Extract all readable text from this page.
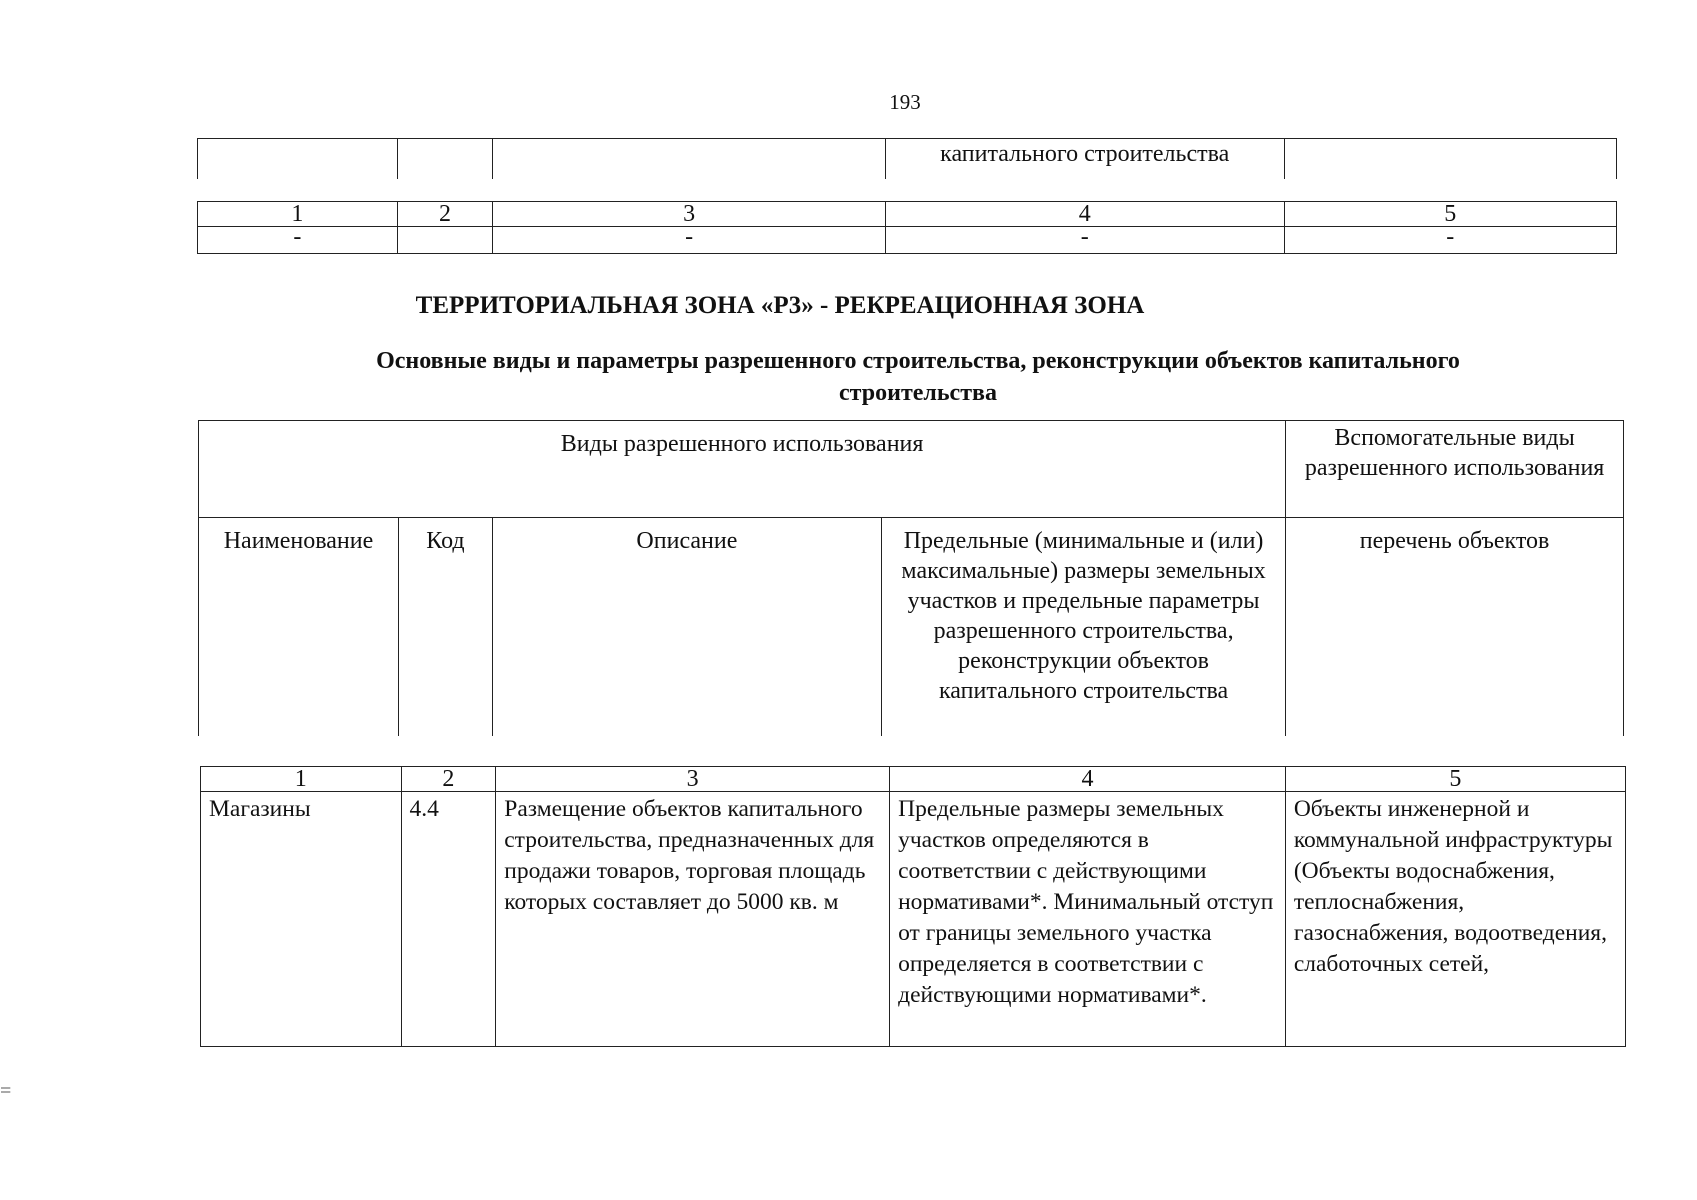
193
			капитального строительства	
1	2	3	4	5
-		-	-	-
ТЕРРИТОРИАЛЬНАЯ ЗОНА «Р3» - РЕКРЕАЦИОННАЯ ЗОНА
Основные виды и параметры разрешенного строительства, реконструкции объектов капитального строительства
Виды разрешенного использования				Вспомогательные виды разрешенного использования
Наименование	Код	Описание	Предельные (минимальные и (или) максимальные) размеры земельных участков и предельные параметры разрешенного строительства, реконструкции объектов капитального строительства	перечень объектов
1	2	3	4	5
Магазины	4.4	Размещение объектов капитального строительства, предназначенных для продажи товаров, торговая площадь которых составляет до 5000 кв. м	Предельные размеры земельных участков определяются в соответствии с действующими нормативами*. Минимальный отступ от границы земельного участка определяется в соответствии с действующими нормативами*.	Объекты инженерной и коммунальной инфраструктуры (Объекты водоснабжения, теплоснабжения, газоснабжения, водоотведения, слаботочных сетей,
=
